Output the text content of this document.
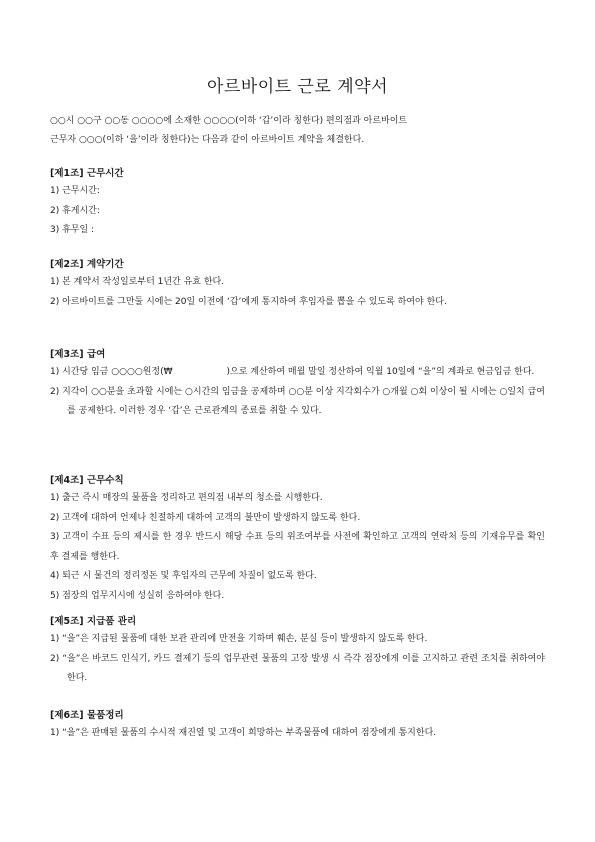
아르바이트 근로 계약서

○○시 ○○구 ○○동 ○○○○에 소재한 ○○○○(이하 ‘갑’이라 칭한다) 편의점과 아르바이트

근무자 ○○○(이하 ‘을’이라 칭한다)는 다음과 같이 아르바이트 계약을 체결한다.

[제1조] 근무시간

1) 근무시간:

2) 휴게시간:

3) 휴무일 :

[제2조] 계약기간

1) 본 계약서 작성일로부터 1년간 유효 한다.

2) 아르바이트를 그만둘 시에는 20일 이전에 ‘갑’에게 통지하여 후임자를 뽑을 수 있도록 하여야 한다.

[제3조] 급여

1) 시간당 임금 ○○○○원정(₩　　　　　　)으로 계산하여 매월 말일 정산하여 익월 10일에 “을”의 계좌로 현금입금 한다.

2) 지각이 ○○분을 초과할 시에는 ○시간의 임금을 공제하며 ○○분 이상 지각회수가 ○개월 ○회 이상이 될 시에는 ○일치 급여를 공제한다. 이러한 경우 ‘갑’은 근로관계의 종료를 취할 수 있다.

[제4조] 근무수칙

1) 출근 즉시 매장의 물품을 정리하고 편의점 내부의 청소를 시행한다.

2) 고객에 대하여 언제나 친절하게 대하여 고객의 불만이 발생하지 않도록 한다.

3) 고객이 수표 등의 제시를 한 경우 반드시 해당 수표 등의 위조여부를 사전에 확인하고 고객의 연락처 등의 기재유무를 확인 후 결제를 행한다.

4) 퇴근 시 물건의 정리정돈 및 후임자의 근무에 차질이 없도록 한다.

5) 점장의 업무지시에 성실히 응하여야 한다.

[제5조] 지급품 관리

1) “을”은 지급된 물품에 대한 보관 관리에 만전을 기하며 훼손, 분실 등이 발생하지 않도록 한다.

2) “을”은 바코드 인식기, 카드 결제기 등의 업무관련 물품의 고장 발생 시 즉각 점장에게 이를 고지하고 관련 조치를 취하여야 한다.

[제6조] 물품정리

1) “을”은 판매된 물품의 수시적 재진열 및 고객이 희망하는 부족물품에 대하여 점장에게 통지한다.
